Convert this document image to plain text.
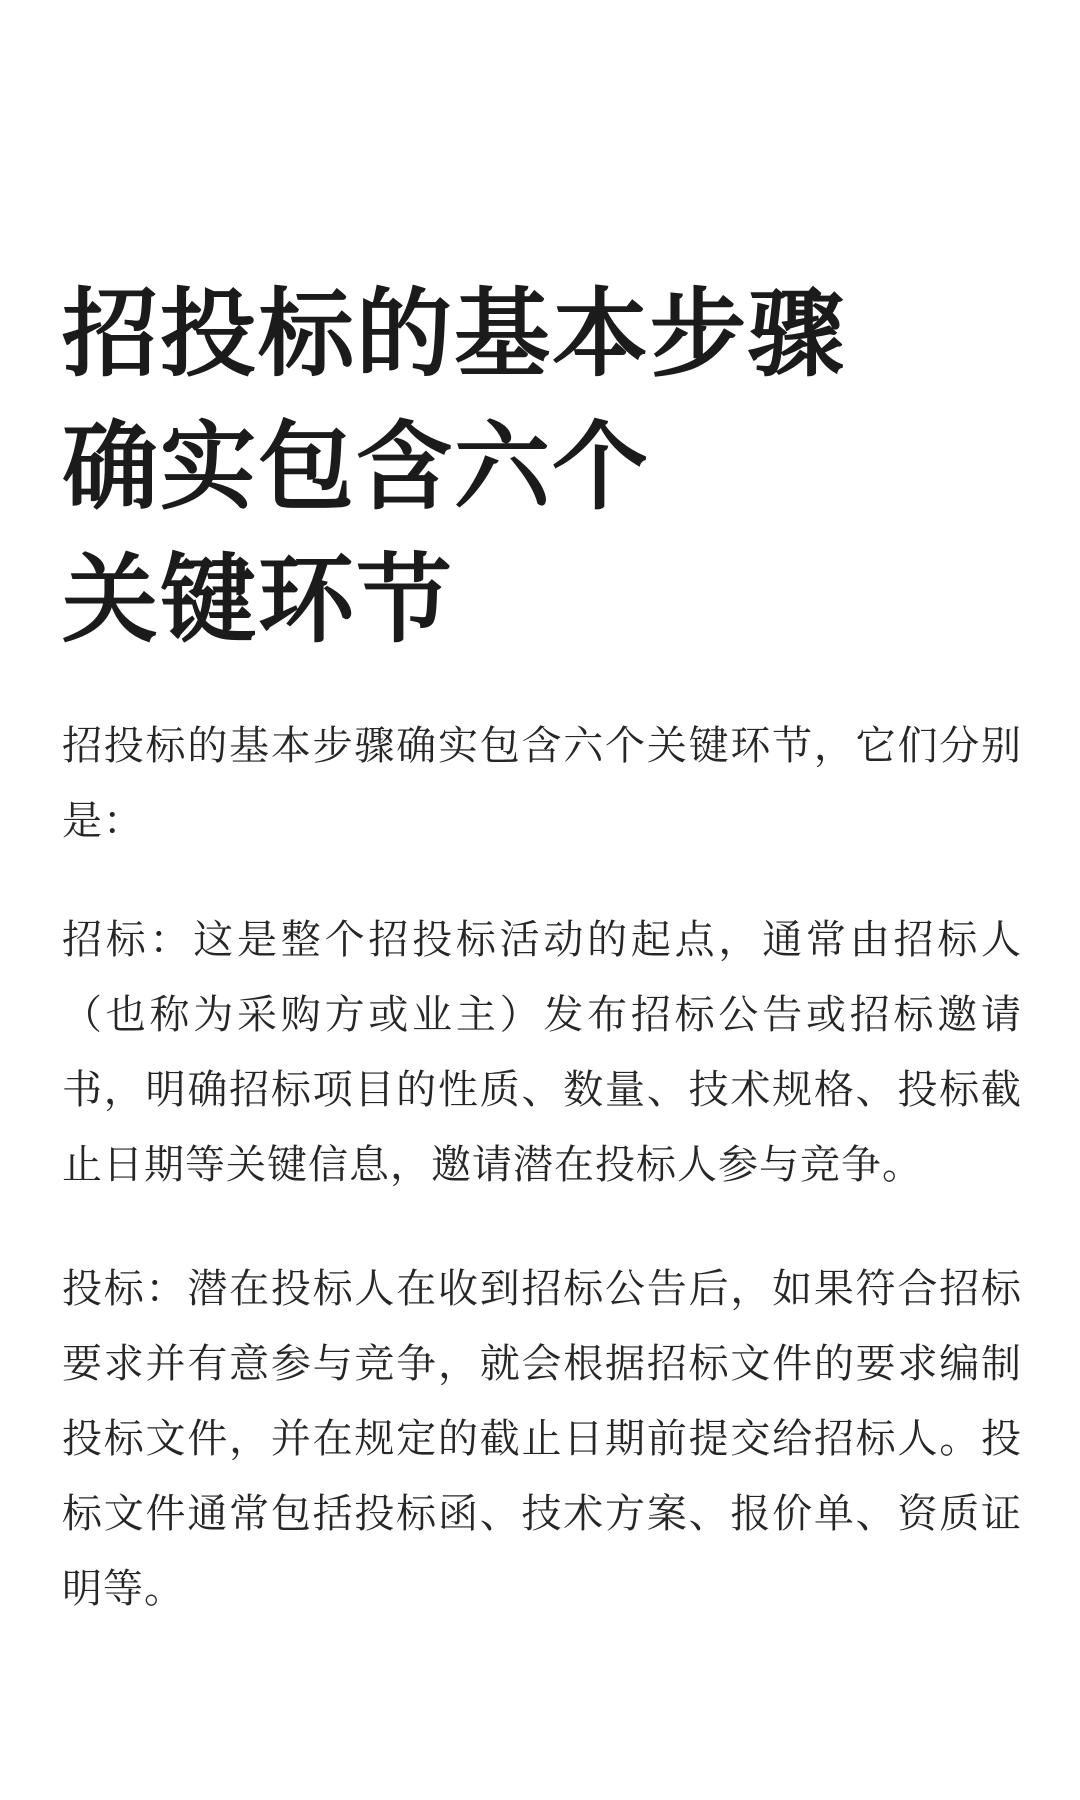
招投标的基本步骤
确实包含六个
关键环节

招投标的基本步骤确实包含六个关键环节，它们分别是：

招标：这是整个招投标活动的起点，通常由招标人（也称为采购方或业主）发布招标公告或招标邀请书，明确招标项目的性质、数量、技术规格、投标截止日期等关键信息，邀请潜在投标人参与竞争。

投标：潜在投标人在收到招标公告后，如果符合招标要求并有意参与竞争，就会根据招标文件的要求编制投标文件，并在规定的截止日期前提交给招标人。投标文件通常包括投标函、技术方案、报价单、资质证明等。
